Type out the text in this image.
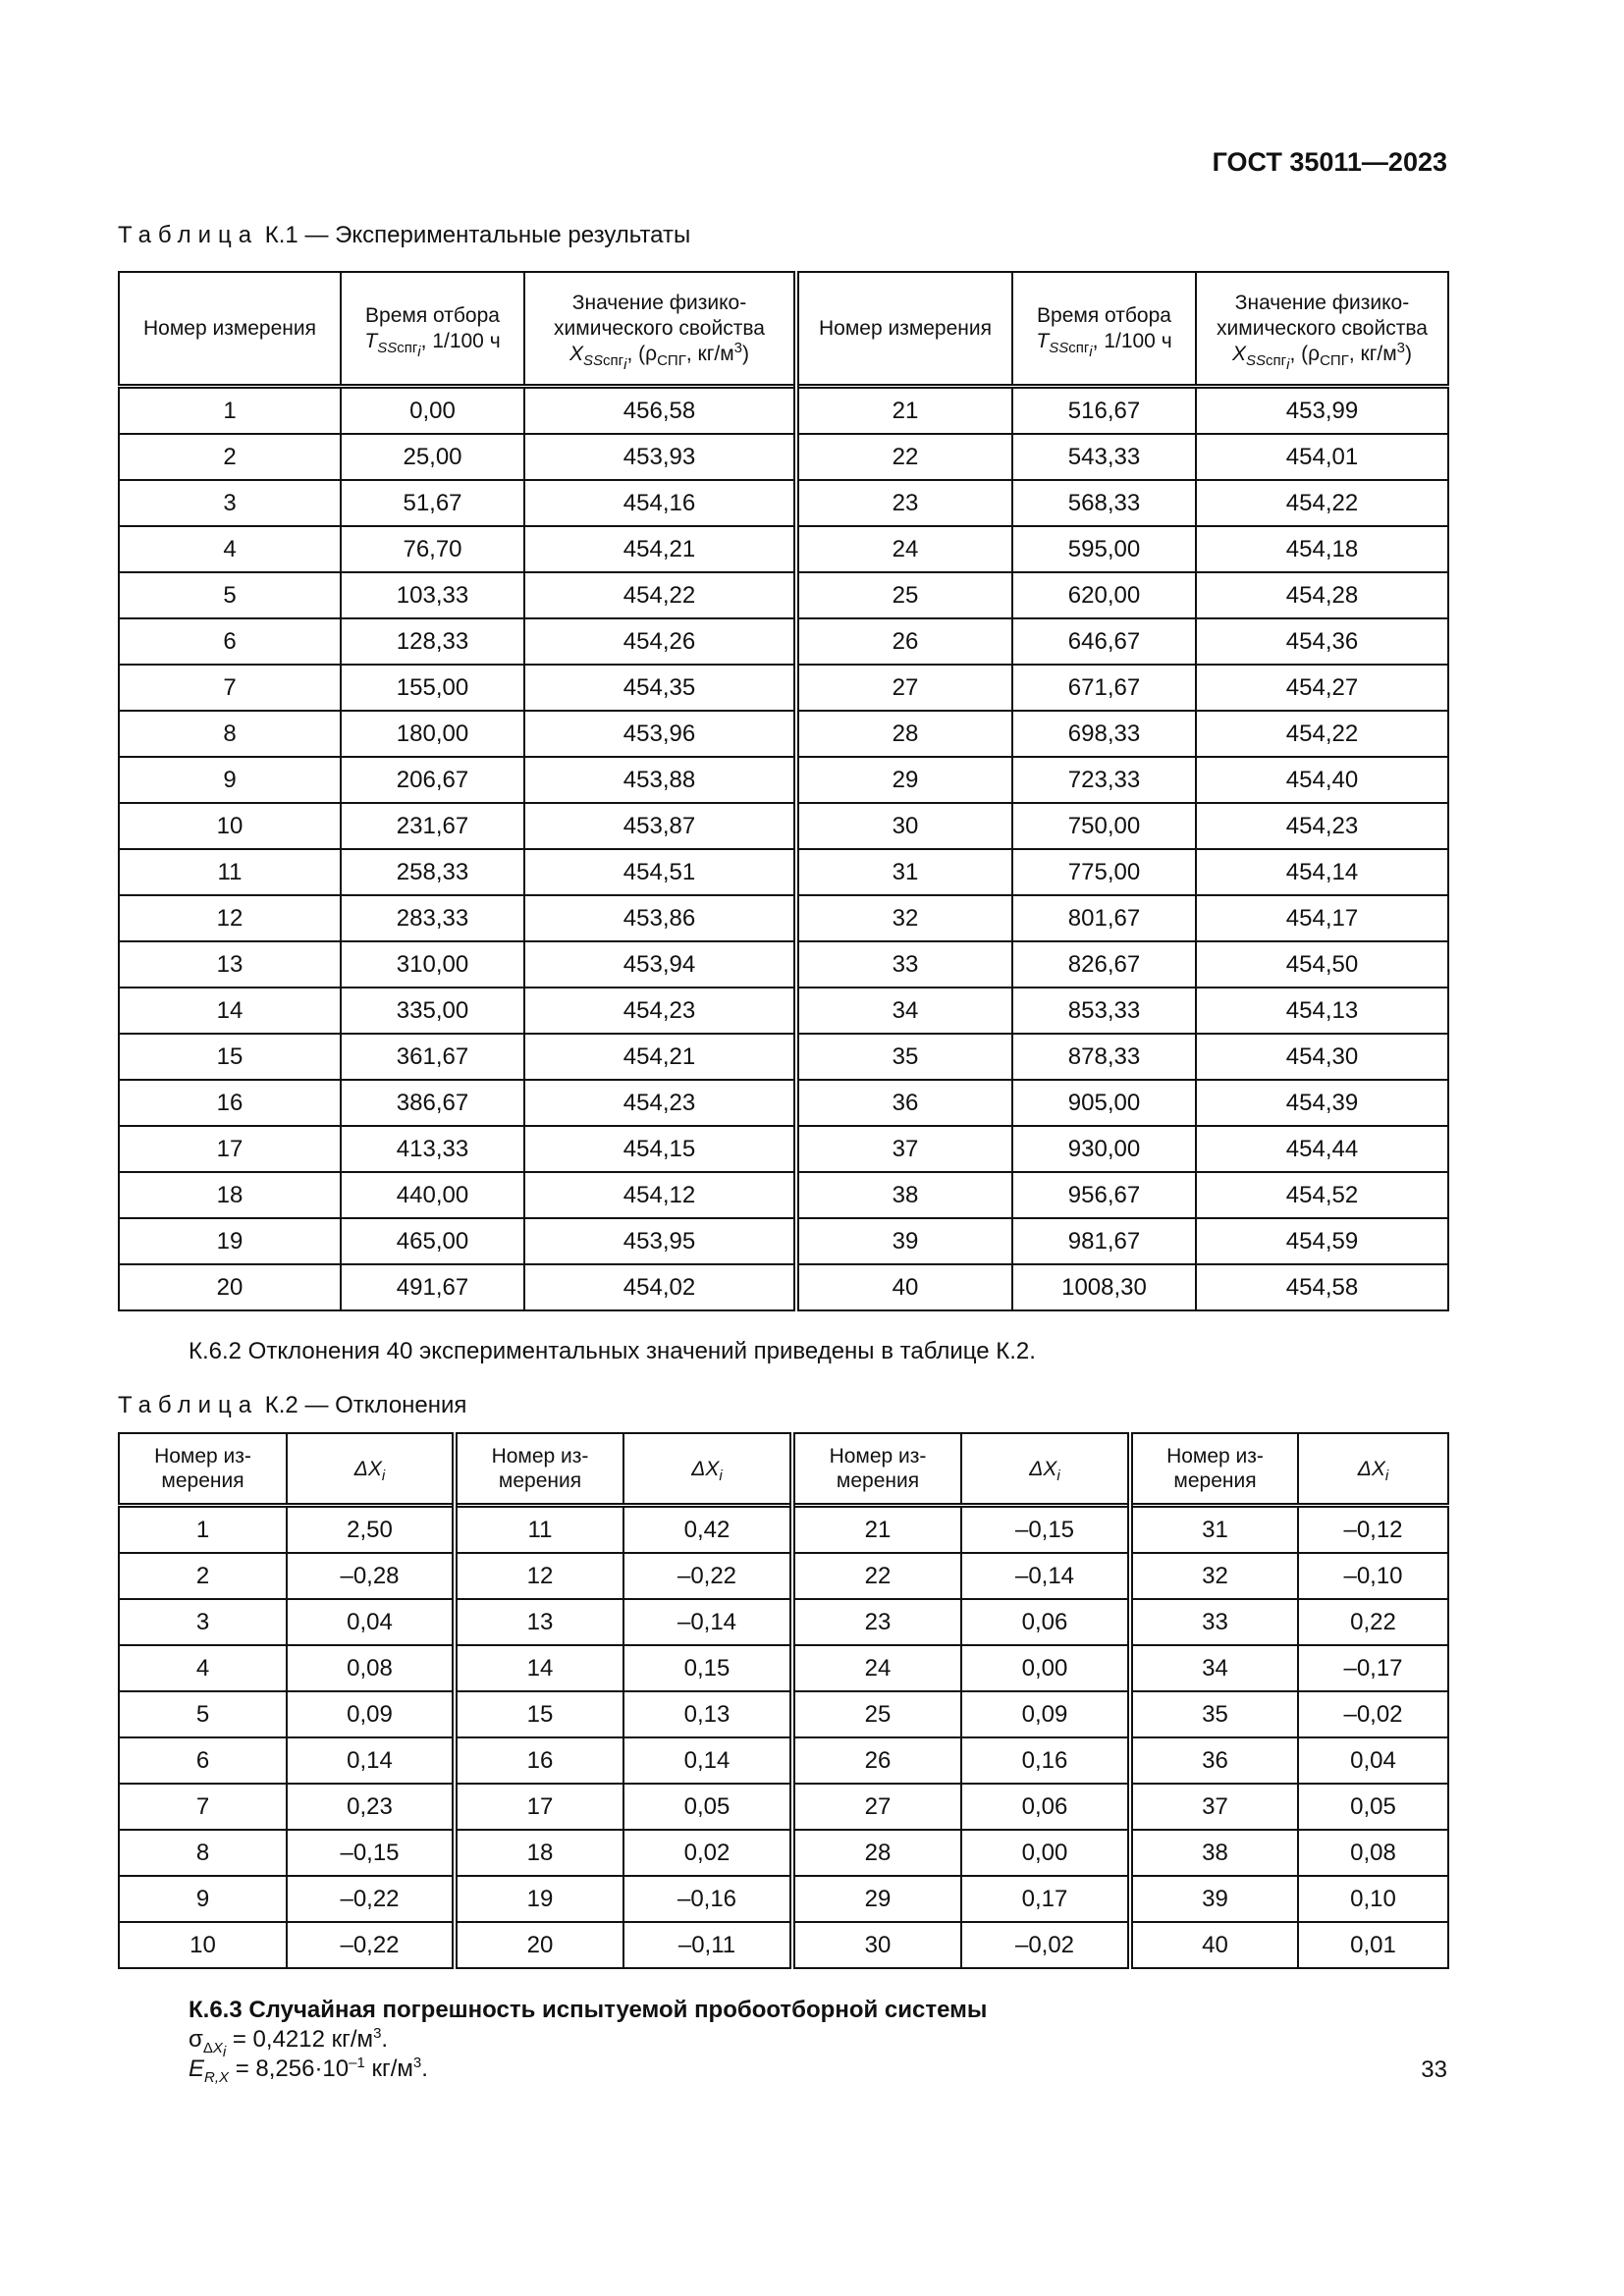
ГОСТ 35011—2023
Таблица К.1 — Экспериментальные результаты
Номер измерения	Время отбора
$T_{SSспг_i}$, 1/100 ч	Значение физико-
химического свойства
$X_{SSспг_i}$, ($\rho_{СПГ}$, $кг/м^3$)	Номер измерения	Время отбора
$T_{SSспг_i}$, 1/100 ч	Значение физико-
химического свойства
$X_{SSспг_i}$, ($\rho_{СПГ}$, $кг/м^3$)
1	0,00	456,58	21	516,67	453,99
2	25,00	453,93	22	543,33	454,01
3	51,67	454,16	23	568,33	454,22
4	76,70	454,21	24	595,00	454,18
5	103,33	454,22	25	620,00	454,28
6	128,33	454,26	26	646,67	454,36
7	155,00	454,35	27	671,67	454,27
8	180,00	453,96	28	698,33	454,22
9	206,67	453,88	29	723,33	454,40
10	231,67	453,87	30	750,00	454,23
11	258,33	454,51	31	775,00	454,14
12	283,33	453,86	32	801,67	454,17
13	310,00	453,94	33	826,67	454,50
14	335,00	454,23	34	853,33	454,13
15	361,67	454,21	35	878,33	454,30
16	386,67	454,23	36	905,00	454,39
17	413,33	454,15	37	930,00	454,44
18	440,00	454,12	38	956,67	454,52
19	465,00	453,95	39	981,67	454,59
20	491,67	454,02	40	1008,30	454,58
К.6.2 Отклонения 40 экспериментальных значений приведены в таблице К.2.
Таблица К.2 — Отклонения
Номер из-
мерения	$\Delta X_i$	Номер из-
мерения	$\Delta X_i$	Номер из-
мерения	$\Delta X_i$	Номер из-
мерения	$\Delta X_i$
1	2,50	11	0,42	21	–0,15	31	–0,12
2	–0,28	12	–0,22	22	–0,14	32	–0,10
3	0,04	13	–0,14	23	0,06	33	0,22
4	0,08	14	0,15	24	0,00	34	–0,17
5	0,09	15	0,13	25	0,09	35	–0,02
6	0,14	16	0,14	26	0,16	36	0,04
7	0,23	17	0,05	27	0,06	37	0,05
8	–0,15	18	0,02	28	0,00	38	0,08
9	–0,22	19	–0,16	29	0,17	39	0,10
10	–0,22	20	–0,11	30	–0,02	40	0,01
К.6.3 Случайная погрешность испытуемой пробоотборной системы
$\sigma_{\Delta X_i} = 0,4212$ $кг/м^3$.
$E_{R,X} = 8,256\cdot 10^{-1}$ $кг/м^3$.	33
